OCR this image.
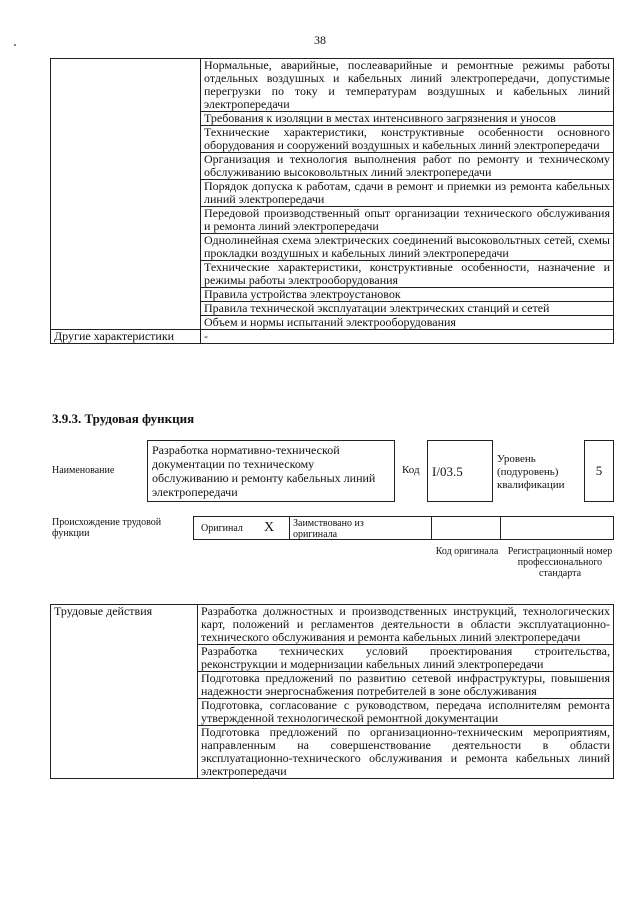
38
	Нормальные, аварийные, послеаварийные и ремонтные режимы работы отдельных воздушных и кабельных линий электропередачи, допустимые перегрузки по току и температурам воздушных и кабельных линий электропередачи
	Требования к изоляции в местах интенсивного загрязнения и уносов
	Технические характеристики, конструктивные особенности основного оборудования и сооружений воздушных и кабельных линий электропередачи
	Организация и технология выполнения работ по ремонту и техническому обслуживанию высоковольтных линий электропередачи
	Порядок допуска к работам, сдачи в ремонт и приемки из ремонта кабельных линий электропередачи
	Передовой производственный опыт организации технического обслуживания и ремонта линий электропередачи
	Однолинейная схема электрических соединений высоковольтных сетей, схемы прокладки воздушных и кабельных линий электропередачи
	Технические характеристики, конструктивные особенности, назначение и режимы работы электрооборудования
	Правила устройства электроустановок
	Правила технической эксплуатации электрических станций и сетей
	Объем и нормы испытаний электрооборудования
Другие характеристики	-
3.9.3. Трудовая функция
Наименование
Разработка нормативно-технической документации по техническому обслуживанию и ремонту кабельных линий электропередачи
Код I/03.5
Уровень (подуровень) квалификации
5
Происхождение трудовой функции	Оригинал X Заимствовано из оригинала
Код оригинала Регистрационный номер профессионального стандарта
Трудовые действия	Разработка должностных и производственных инструкций, технологических карт, положений и регламентов деятельности в области эксплуатационно-технического обслуживания и ремонта кабельных линий электропередачи
	Разработка технических условий проектирования строительства, реконструкции и модернизации кабельных линий электропередачи
	Подготовка предложений по развитию сетевой инфраструктуры, повышения надежности энергоснабжения потребителей в зоне обслуживания
	Подготовка, согласование с руководством, передача исполнителям ремонта утвержденной технологической ремонтной документации
	Подготовка предложений по организационно-техническим мероприятиям, направленным на совершенствование деятельности в области эксплуатационно-технического обслуживания и ремонта кабельных линий электропередачи
